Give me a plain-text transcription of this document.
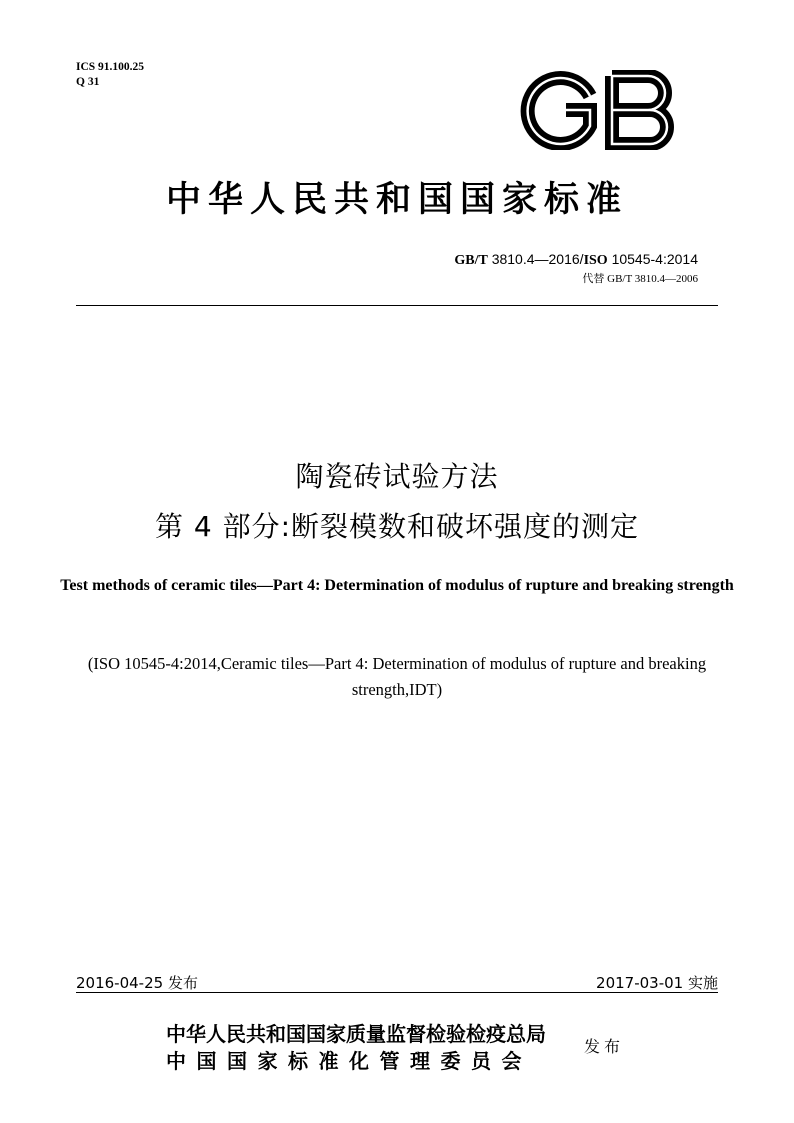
ICS 91.100.25
Q 31
中华人民共和国国家标准
GB/T 3810.4—2016/ISO 10545-4:2014
代替 GB/T 3810.4—2006
陶瓷砖试验方法
第 4 部分:断裂模数和破坏强度的测定
Test methods of ceramic tiles—Part 4: Determination of modulus of rupture and breaking strength
(ISO 10545-4:2014,Ceramic tiles—Part 4: Determination of modulus of rupture and breaking strength,IDT)
2016-04-25 发布	2017-03-01 实施
中华人民共和国国家质量监督检验检疫总局
中国国家标准化管理委员会
发布
